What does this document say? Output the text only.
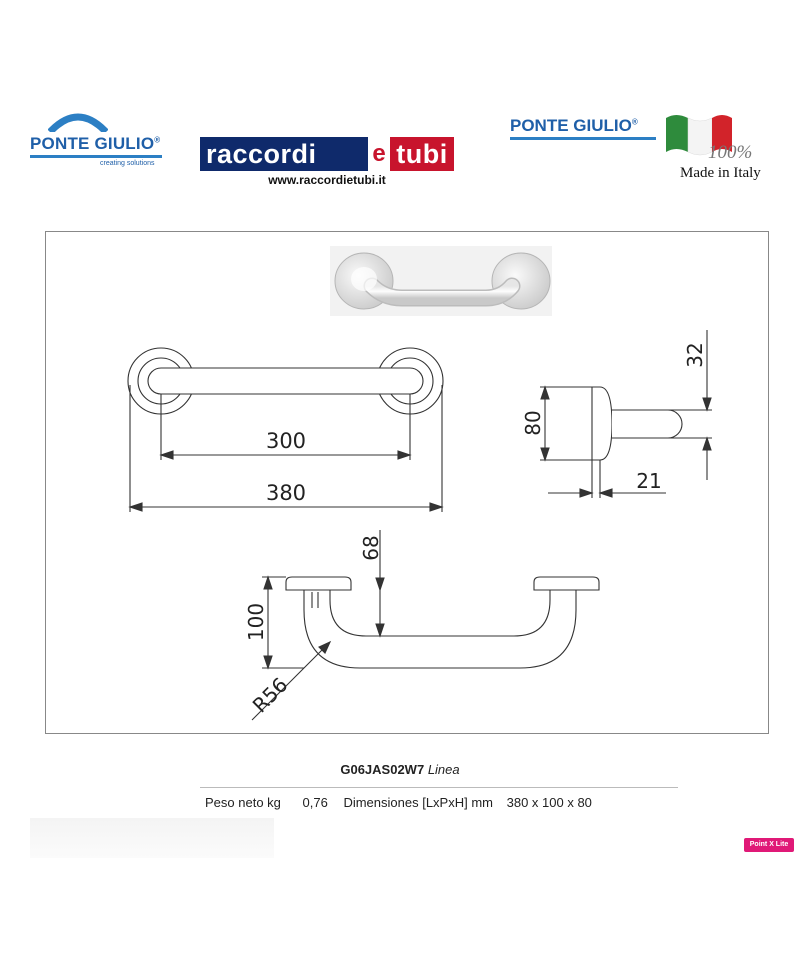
PONTE GIULIO®
creating solutions raccordi	e tubi
www.raccordietubi.it
PONTE GIULIO®
100%
Made in Italy
300
380
80
32
21
68
100
R56
G06JAS02W7 Linea
Peso neto kg 0,76 Dimensiones [LxPxH] mm 380 x 100 x 80
Point X Lite
